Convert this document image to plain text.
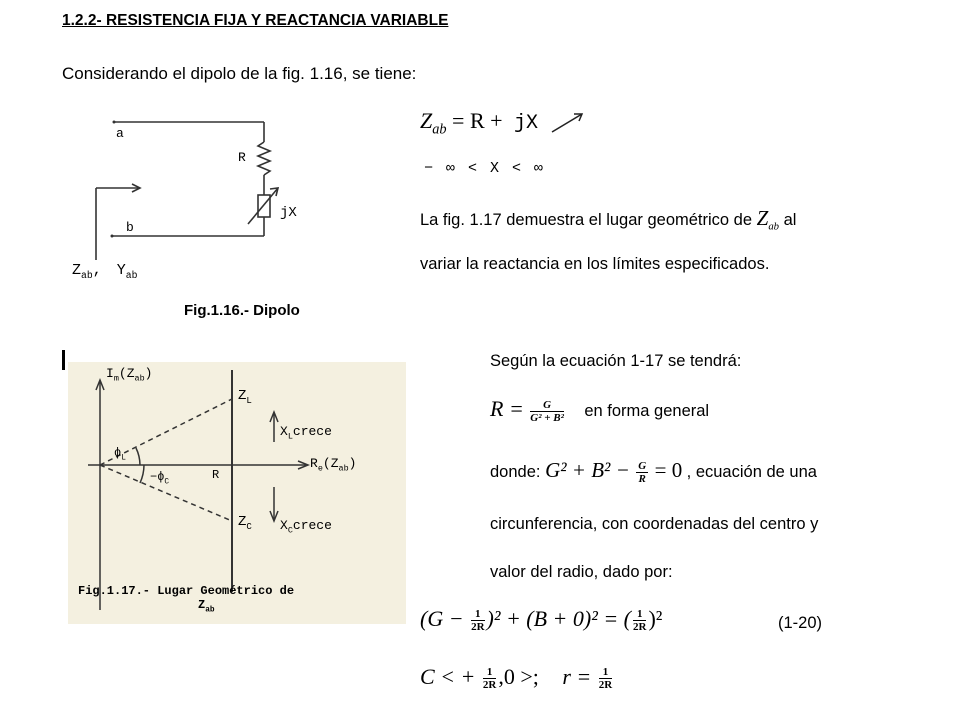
1.2.2- RESISTENCIA FIJA Y REACTANCIA VARIABLE
Considerando el dipolo de la fig. 1.16, se tiene:
a
b
R
jX
$Z_{ab}$, $Y_{ab}$
Fig.1.16.- Dipolo
$Z_{ab} = R$ + jX
− ∞ < X < ∞
La fig. 1.17 demuestra el lugar geométrico de $Z_{ab}$ al
variar la reactancia en los límites especificados.
$I_m(Z_{ab})$
$R_e(Z_{ab})$
R
$Z_L$
$Z_C$
$X_Lcrece$
$X_Ccrece$
$\phi_L$
$-\phi_C$
Fig.1.17.- Lugar Geométrico de
$Z_{ab}$
Según la ecuación 1-17 se tendrá:
$R = \frac{G}{\text{G² + B²}}$ en forma general
donde: $G^2 + B^2 - \frac{G}{R} = 0$ , ecuación de una
circunferencia, con coordenadas del centro y
valor del radio, dado por:
$(G - \frac{1}{2R} )^2 + (B + 0)^2$ = ( $\frac{1}{2R} )^2$	(1-20)
C < + $\frac{1}{2R} ,0$ >; $r = \frac{1}{2R}$
